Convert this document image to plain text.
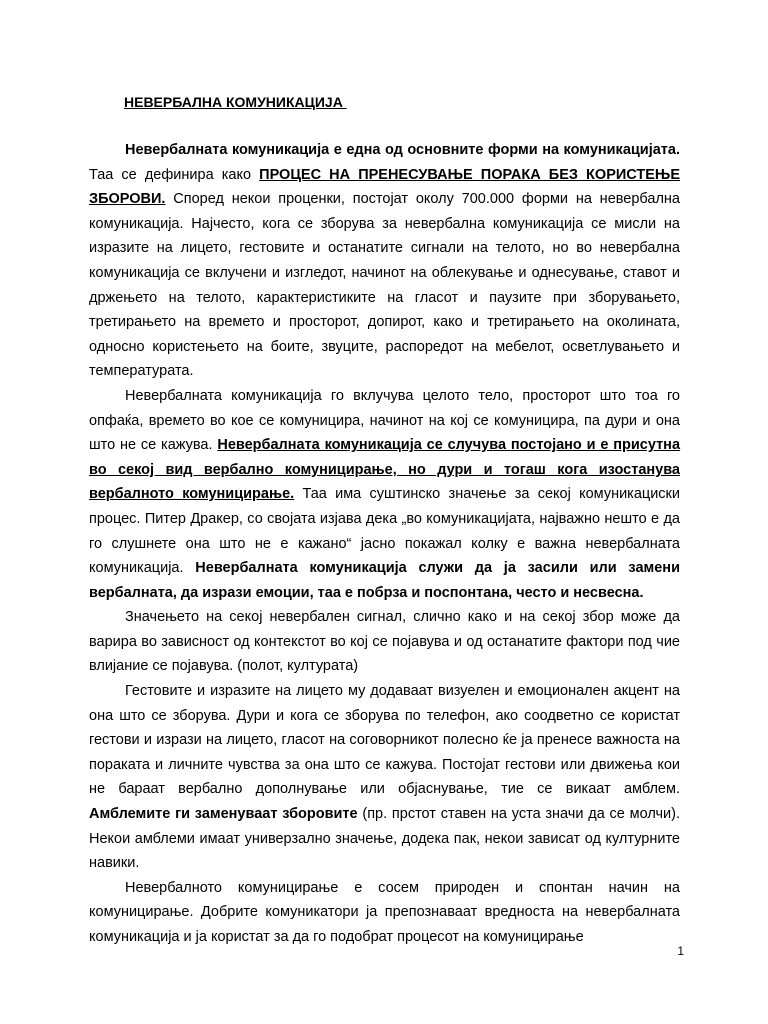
НЕВЕРБАЛНА КОМУНИКАЦИЈА

Невербалната комуникација е една од основните форми на комуникацијата. Таа се дефинира како ПРОЦЕС НА ПРЕНЕСУВАЊЕ ПОРАКА БЕЗ КОРИСТЕЊЕ ЗБОРОВИ. Според некои проценки, постојат околу 700.000 форми на невербална комуникација. Најчесто, кога се зборува за невербална комуникација се мисли на изразите на лицето, гестовите и останатите сигнали на телото, но во невербална комуникација се вклучени и изгледот, начинот на облекување и однесување, ставот и држењето на телото, карактеристиките на гласот и паузите при зборувањето, третирањето на времето и просторот, допирот, како и третирањето на околината, односно користењето на боите, звуците, распоредот на мебелот, осветлувањето и температурата.

Невербалната комуникација го вклучува целото тело, просторот што тоа го опфаќа, времето во кое се комуницира, начинот на кој се комуницира, па дури и она што не се кажува. Невербалната комуникација се случува постојано и е присутна во секој вид вербално комуницирање, но дури и тогаш кога изостанува вербалното комуницирање. Таа има суштинско значење за секој комуникациски процес. Питер Дракер, со својата изјава дека „во комуникацијата, најважно нешто е да го слушнете она што не е кажано“ јасно покажал колку е важна невербалната комуникација. Невербалната комуникација служи да ја засили или замени вербалната, да изрази емоции, таа е побрза и поспонтана, често и несвесна.

Значењето на секој невербален сигнал, слично како и на секој збор може да варира во зависност од контекстот во кој се појавува и од останатите фактори под чие влијание се појавува. (полот, културата)

Гестовите и изразите на лицето му додаваат визуелен и емоционален акцент на она што се зборува. Дури и кога се зборува по телефон, ако соодветно се користат гестови и изрази на лицето, гласот на соговорникот полесно ќе ја пренесе важноста на пораката и личните чувства за она што се кажува. Постојат гестови или движења кои не бараат вербално дополнување или објаснување, тие се викаат амблем. Амблемите ги заменуваат зборовите (пр. прстот ставен на уста значи да се молчи). Некои амблеми имаат универзално значење, додека пак, некои зависат од културните навики.

Невербалното комуницирање е сосем природен и спонтан начин на комуницирање. Добрите комуникатори ја препознаваат вредноста на невербалната комуникација и ја користат за да го подобрат процесот на комуницирање

1
